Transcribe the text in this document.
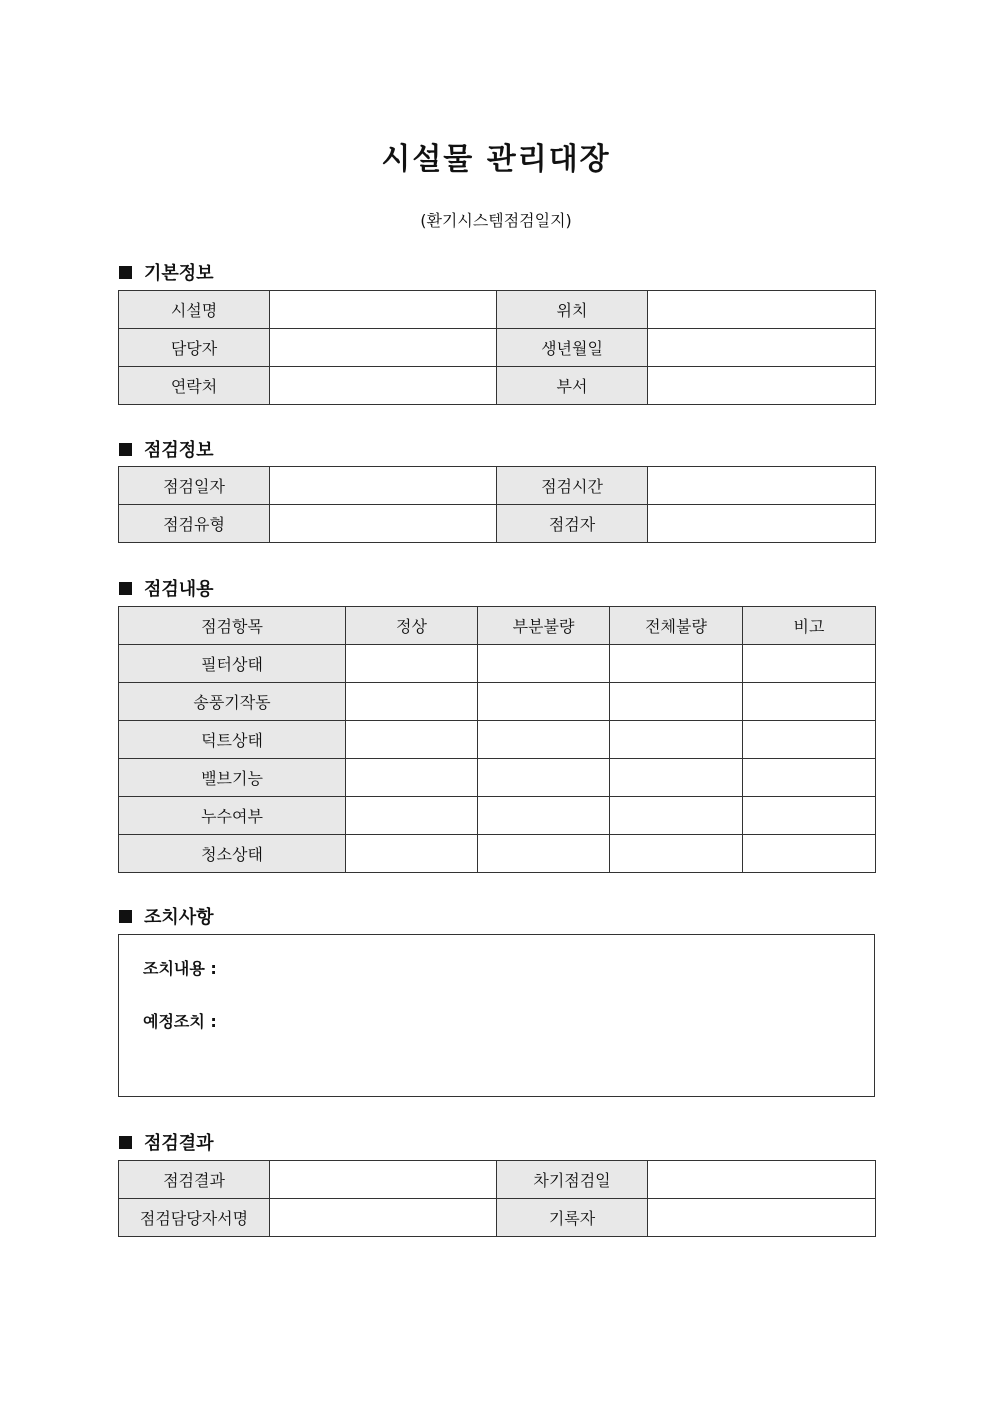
시설물 관리대장
(환기시스템점검일지)
기본정보
시설명		위치	
담당자		생년월일	
연락처		부서	
점검정보
점검일자		점검시간	
점검유형		점검자	
점검내용
점검항목	정상	부분불량	전체불량	비고
필터상태				
송풍기작동				
덕트상태				
밸브기능				
누수여부				
청소상태				
조치사항
조치내용 :
예정조치 :
점검결과
점검결과		차기점검일	
점검담당자서명		기록자	
